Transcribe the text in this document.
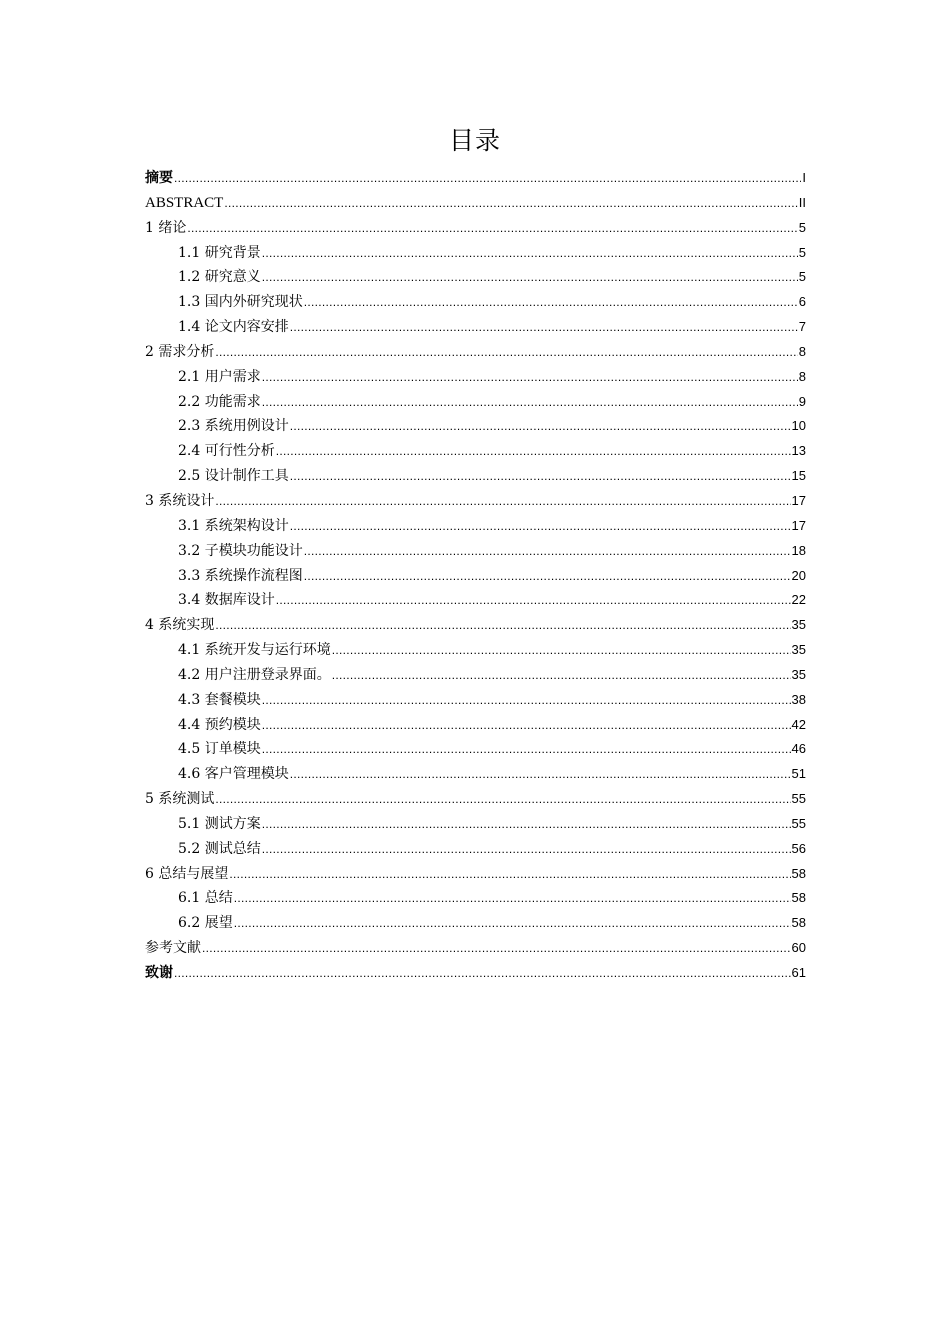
目录
摘要 .....	I
ABSTRACT .....	II
1 绪论 .....	5
1.1 研究背景 .....	5
1.2 研究意义 .....	5
1.3 国内外研究现状 .....	6
1.4 论文内容安排 .....	7
2 需求分析 .....	8
2.1 用户需求 .....	8
2.2 功能需求 .....	9
2.3 系统用例设计 .....	10
2.4 可行性分析 .....	13
2.5 设计制作工具 .....	15
3 系统设计 .....	17
3.1 系统架构设计 .....	17
3.2 子模块功能设计 .....	18
3.3 系统操作流程图 .....	20
3.4 数据库设计 .....	22
4 系统实现 .....	35
4.1 系统开发与运行环境 .....	35
4.2 用户注册登录界面。 .....	35
4.3 套餐模块 .....	38
4.4 预约模块 .....	42
4.5 订单模块 .....	46
4.6 客户管理模块 .....	51
5 系统测试 .....	55
5.1 测试方案 .....	55
5.2 测试总结 .....	56
6 总结与展望 .....	58
6.1 总结 .....	58
6.2 展望 .....	58
参考文献 .....	60
致谢 .....	61
